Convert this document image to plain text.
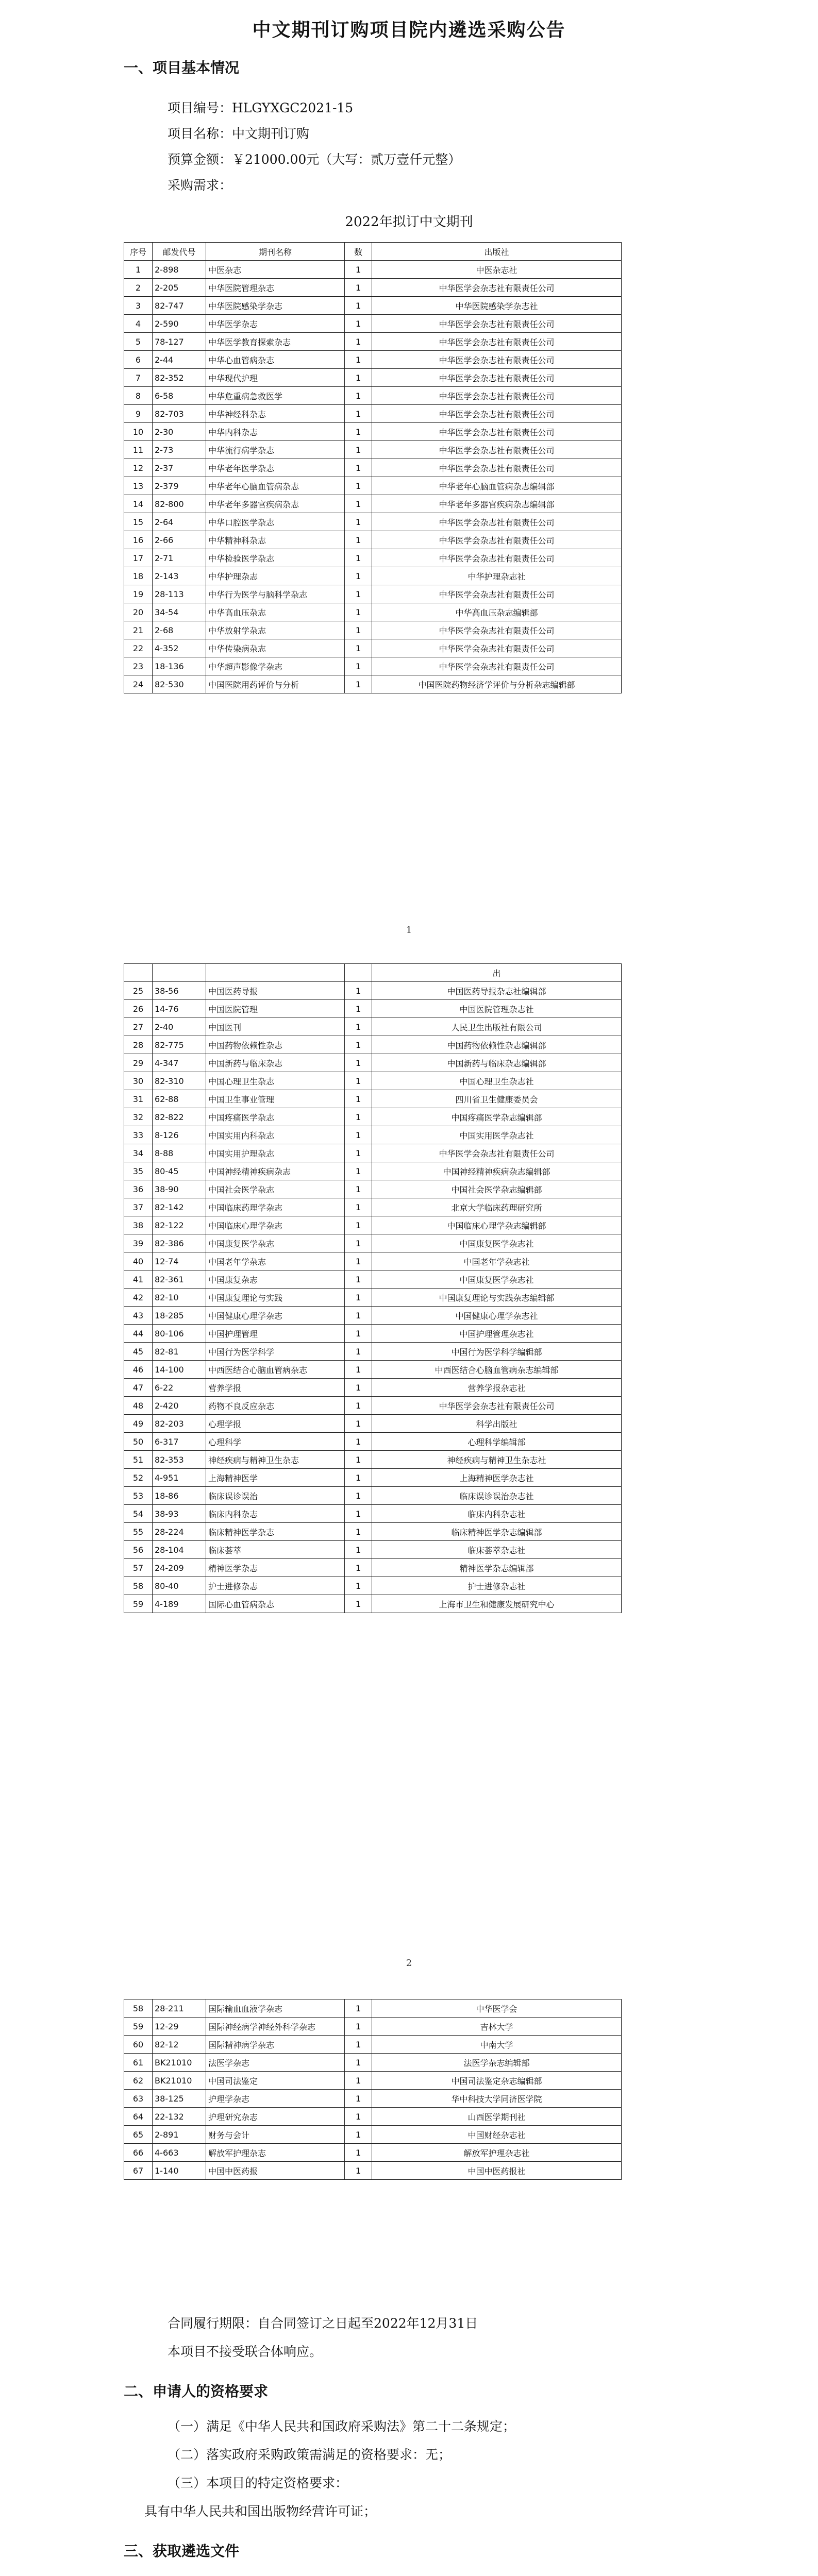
中文期刊订购项目院内遴选采购公告
一、项目基本情况
项目编号：HLGYXGC2021-15
项目名称：中文期刊订购
预算金额：￥21000.00元（大写：贰万壹仟元整）
采购需求：
2022年拟订中文期刊
序号	邮发代号	期刊名称	数	出版社
1	2-898	中医杂志	1	中医杂志社
2	2-205	中华医院管理杂志	1	中华医学会杂志社有限责任公司
3	82-747	中华医院感染学杂志	1	中华医院感染学杂志社
4	2-590	中华医学杂志	1	中华医学会杂志社有限责任公司
5	78-127	中华医学教育探索杂志	1	中华医学会杂志社有限责任公司
6	2-44	中华心血管病杂志	1	中华医学会杂志社有限责任公司
7	82-352	中华现代护理	1	中华医学会杂志社有限责任公司
8	6-58	中华危重病急救医学	1	中华医学会杂志社有限责任公司
9	82-703	中华神经科杂志	1	中华医学会杂志社有限责任公司
10	2-30	中华内科杂志	1	中华医学会杂志社有限责任公司
11	2-73	中华流行病学杂志	1	中华医学会杂志社有限责任公司
12	2-37	中华老年医学杂志	1	中华医学会杂志社有限责任公司
13	2-379	中华老年心脑血管病杂志	1	中华老年心脑血管病杂志编辑部
14	82-800	中华老年多器官疾病杂志	1	中华老年多器官疾病杂志编辑部
15	2-64	中华口腔医学杂志	1	中华医学会杂志社有限责任公司
16	2-66	中华精神科杂志	1	中华医学会杂志社有限责任公司
17	2-71	中华检验医学杂志	1	中华医学会杂志社有限责任公司
18	2-143	中华护理杂志	1	中华护理杂志社
19	28-113	中华行为医学与脑科学杂志	1	中华医学会杂志社有限责任公司
20	34-54	中华高血压杂志	1	中华高血压杂志编辑部
21	2-68	中华放射学杂志	1	中华医学会杂志社有限责任公司
22	4-352	中华传染病杂志	1	中华医学会杂志社有限责任公司
23	18-136	中华超声影像学杂志	1	中华医学会杂志社有限责任公司
24	82-530	中国医院用药评价与分析	1	中国医院药物经济学评价与分析杂志编辑部
1
				出
25	38-56	中国医药导报	1	中国医药导报杂志社编辑部
26	14-76	中国医院管理	1	中国医院管理杂志社
27	2-40	中国医刊	1	人民卫生出版社有限公司
28	82-775	中国药物依赖性杂志	1	中国药物依赖性杂志编辑部
29	4-347	中国新药与临床杂志	1	中国新药与临床杂志编辑部
30	82-310	中国心理卫生杂志	1	中国心理卫生杂志社
31	62-88	中国卫生事业管理	1	四川省卫生健康委员会
32	82-822	中国疼痛医学杂志	1	中国疼痛医学杂志编辑部
33	8-126	中国实用内科杂志	1	中国实用医学杂志社
34	8-88	中国实用护理杂志	1	中华医学会杂志社有限责任公司
35	80-45	中国神经精神疾病杂志	1	中国神经精神疾病杂志编辑部
36	38-90	中国社会医学杂志	1	中国社会医学杂志编辑部
37	82-142	中国临床药理学杂志	1	北京大学临床药理研究所
38	82-122	中国临床心理学杂志	1	中国临床心理学杂志编辑部
39	82-386	中国康复医学杂志	1	中国康复医学杂志社
40	12-74	中国老年学杂志	1	中国老年学杂志社
41	82-361	中国康复杂志	1	中国康复医学杂志社
42	82-10	中国康复理论与实践	1	中国康复理论与实践杂志编辑部
43	18-285	中国健康心理学杂志	1	中国健康心理学杂志社
44	80-106	中国护理管理	1	中国护理管理杂志社
45	82-81	中国行为医学科学	1	中国行为医学科学编辑部
46	14-100	中西医结合心脑血管病杂志	1	中西医结合心脑血管病杂志编辑部
47	6-22	营养学报	1	营养学报杂志社
48	2-420	药物不良反应杂志	1	中华医学会杂志社有限责任公司
49	82-203	心理学报	1	科学出版社
50	6-317	心理科学	1	心理科学编辑部
51	82-353	神经疾病与精神卫生杂志	1	神经疾病与精神卫生杂志社
52	4-951	上海精神医学	1	上海精神医学杂志社
53	18-86	临床误诊误治	1	临床误诊误治杂志社
54	38-93	临床内科杂志	1	临床内科杂志社
55	28-224	临床精神医学杂志	1	临床精神医学杂志编辑部
56	28-104	临床荟萃	1	临床荟萃杂志社
57	24-209	精神医学杂志	1	精神医学杂志编辑部
58	80-40	护士进修杂志	1	护士进修杂志社
59	4-189	国际心血管病杂志	1	上海市卫生和健康发展研究中心
2
58	28-211	国际输血血液学杂志	1	中华医学会
59	12-29	国际神经病学神经外科学杂志	1	吉林大学
60	82-12	国际精神病学杂志	1	中南大学
61	BK21010	法医学杂志	1	法医学杂志编辑部
62	BK21010	中国司法鉴定	1	中国司法鉴定杂志编辑部
63	38-125	护理学杂志	1	华中科技大学同济医学院
64	22-132	护理研究杂志	1	山西医学期刊社
65	2-891	财务与会计	1	中国财经杂志社
66	4-663	解放军护理杂志	1	解放军护理杂志社
67	1-140	中国中医药报	1	中国中医药报社
合同履行期限：自合同签订之日起至2022年12月31日
本项目不接受联合体响应。
二、申请人的资格要求
（一）满足《中华人民共和国政府采购法》第二十二条规定；
（二）落实政府采购政策需满足的资格要求：无；
（三）本项目的特定资格要求：
具有中华人民共和国出版物经营许可证；
三、获取遴选文件
